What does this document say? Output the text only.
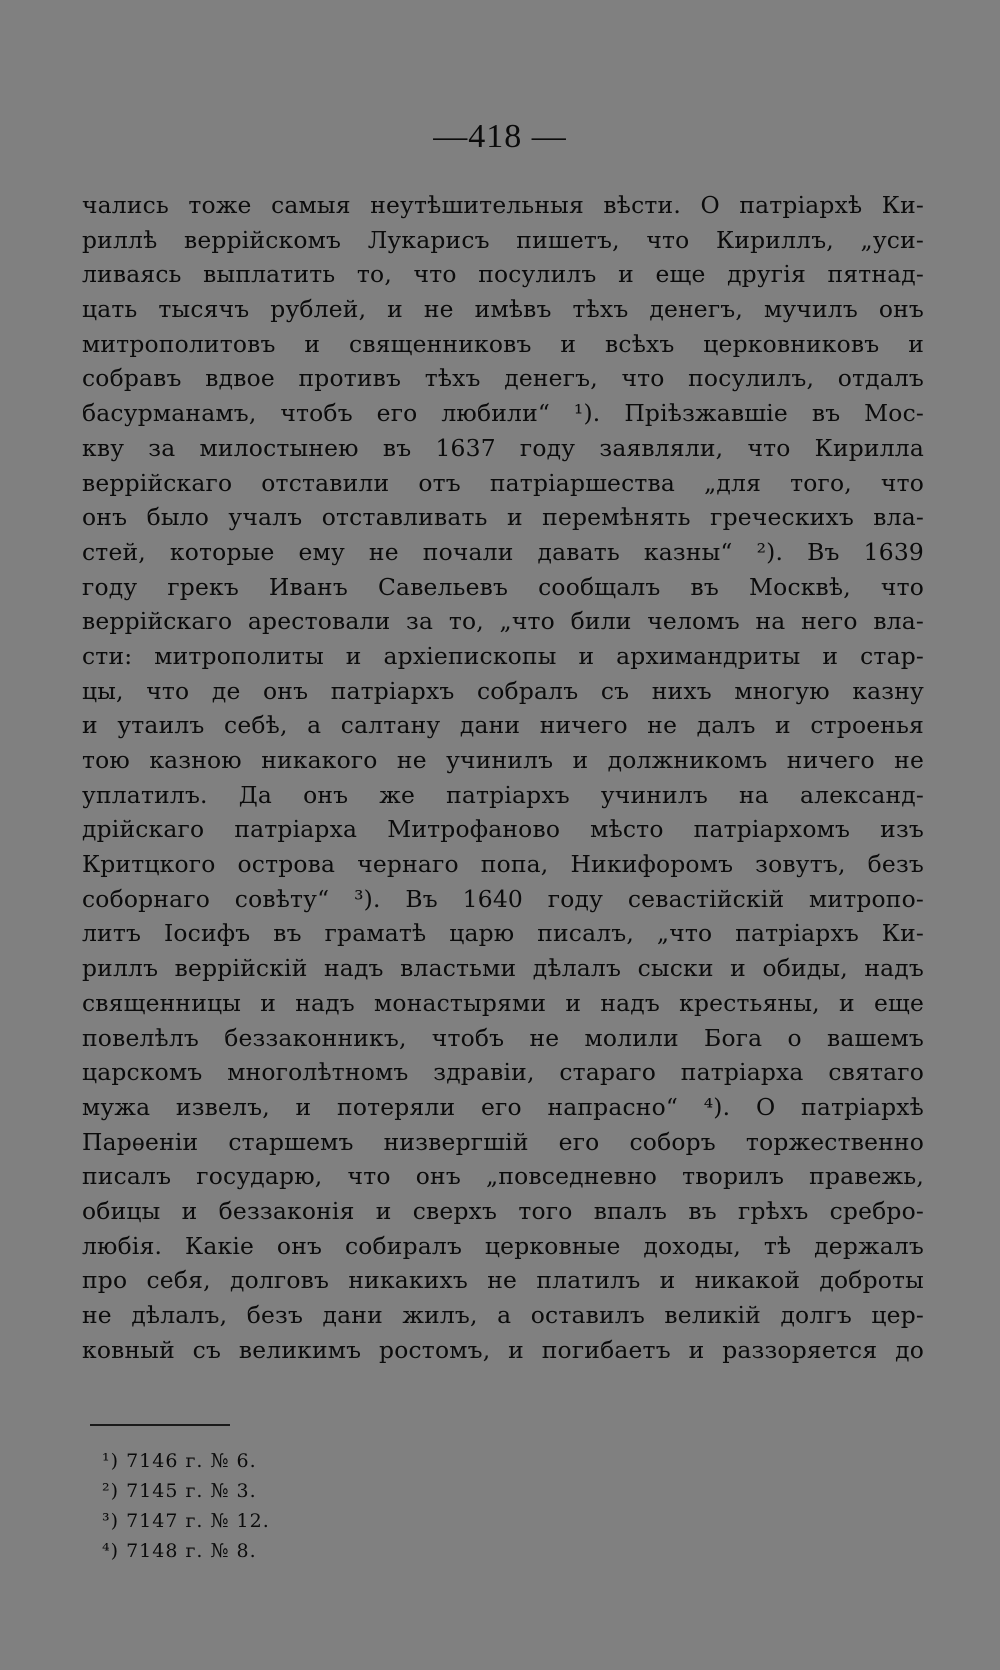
—418 —
чались тоже самыя неутѣшительныя вѣсти. О патріархѣ Ки-
риллѣ веррійскомъ Лукарисъ пишетъ, что Кириллъ, „уси-
ливаясь выплатить то, что посулилъ и еще другія пятнад-
цать тысячъ рублей, и не имѣвъ тѣхъ денегъ, мучилъ онъ
митрополитовъ и священниковъ и всѣхъ церковниковъ и
собравъ вдвое противъ тѣхъ денегъ, что посулилъ, отдалъ
басурманамъ, чтобъ его любили“ ¹). Пріѣзжавшіе въ Мос-
кву за милостынею въ 1637 году заявляли, что Кирилла
веррійскаго отставили отъ патріаршества „для того, что
онъ было учалъ отставливать и перемѣнять греческихъ вла-
стей, которые ему не почали давать казны“ ²). Въ 1639
году грекъ Иванъ Савельевъ сообщалъ въ Москвѣ, что
веррійскаго арестовали за то, „что били челомъ на него вла-
сти: митрополиты и архіепископы и архимандриты и стар-
цы, что де онъ патріархъ собралъ съ нихъ многую казну
и утаилъ себѣ, а салтану дани ничего не далъ и строенья
тою казною никакого не учинилъ и должникомъ ничего не
уплатилъ. Да онъ же патріархъ учинилъ на александ-
дрійскаго патріарха Митрофаново мѣсто патріархомъ изъ
Критцкого острова чернаго попа, Никифоромъ зовутъ, безъ
соборнаго совѣту“ ³). Въ 1640 году севастійскій митропо-
литъ Іосифъ въ граматѣ царю писалъ, „что патріархъ Ки-
риллъ веррійскій надъ властьми дѣлалъ сыски и обиды, надъ
священницы и надъ монастырями и надъ крестьяны, и еще
повелѣлъ беззаконникъ, чтобъ не молили Бога о вашемъ
царскомъ многолѣтномъ здравіи, стараго патріарха святаго
мужа извелъ, и потеряли его напрасно“ ⁴). О патріархѣ
Парѳеніи старшемъ низвергшій его соборъ торжественно
писалъ государю, что онъ „повседневно творилъ правежь,
обицы и беззаконія и сверхъ того впалъ въ грѣхъ сребро-
любія. Какіе онъ собиралъ церковные доходы, тѣ держалъ
про себя, долговъ никакихъ не платилъ и никакой доброты
не дѣлалъ, безъ дани жилъ, а оставилъ великій долгъ цер-
ковный съ великимъ ростомъ, и погибаетъ и раззоряется до
¹) 7146 г. № 6.
²) 7145 г. № 3.
³) 7147 г. № 12.
⁴) 7148 г. № 8.
